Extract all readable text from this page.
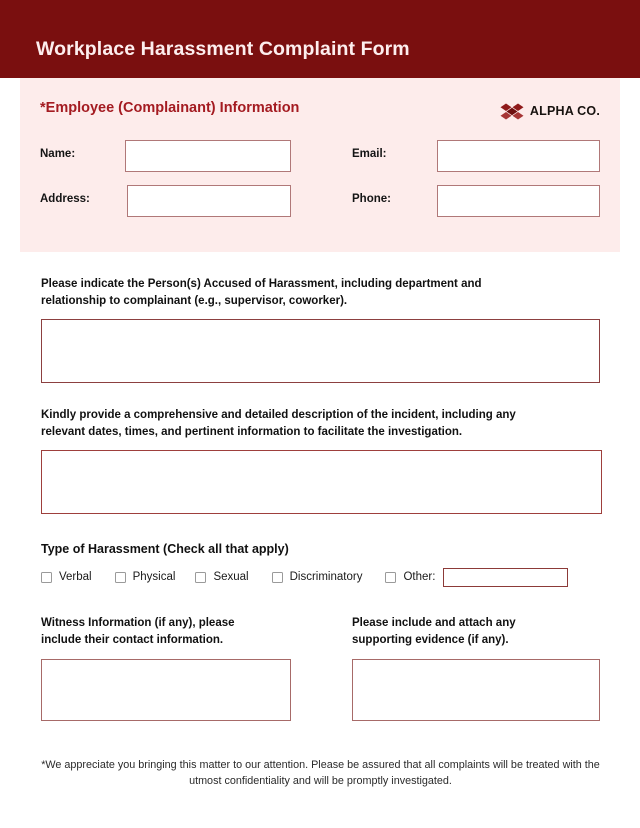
Workplace Harassment Complaint Form
*Employee (Complainant) Information	ALPHA CO.
Name:	Email:
Address:	Phone:
Please indicate the Person(s) Accused of Harassment, including department and
relationship to complainant (e.g., supervisor, coworker).
Kindly provide a comprehensive and detailed description of the incident, including any
relevant dates, times, and pertinent information to facilitate the investigation.
Type of Harassment (Check all that apply)
Verbal	Physical	Sexual	Discriminatory	Other:
Witness Information (if any), please
include their contact information.
Please include and attach any
supporting evidence (if any).
*We appreciate you bringing this matter to our attention. Please be assured that all complaints will be treated with the utmost confidentiality and will be promptly investigated.
